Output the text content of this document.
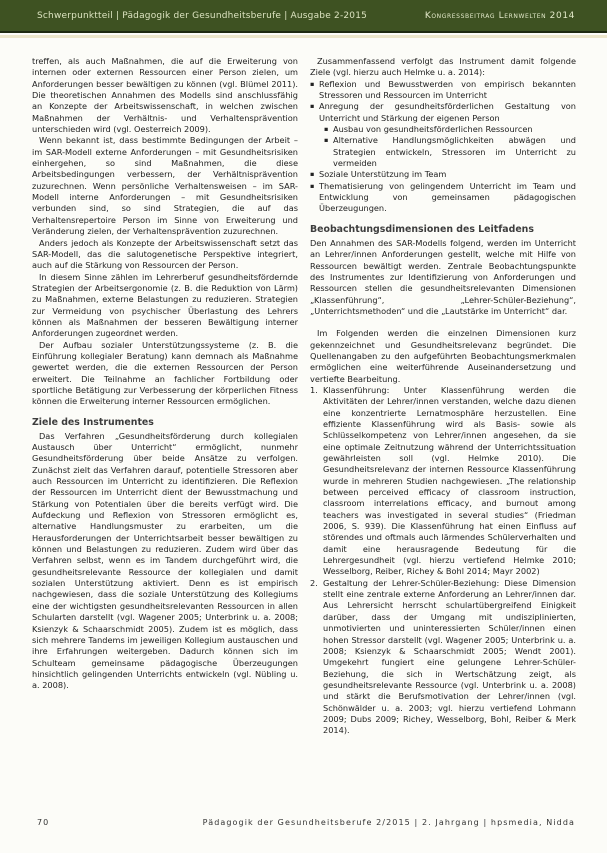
Schwerpunktteil | Pädagogik der Gesundheitsberufe | Ausgabe 2-2015	Kongressbeitrag Lernwelten 2014

treffen, als auch Maßnahmen, die auf die Erweiterung von internen oder externen Ressourcen einer Person zielen, um Anforderungen besser bewältigen zu können (vgl. Blümel 2011). Die theoretischen Annahmen des Modells sind anschlussfähig an Konzepte der Arbeitswissenschaft, in welchen zwischen Maßnahmen der Verhältnis- und Verhaltensprävention unterschieden wird (vgl. Oesterreich 2009).

Wenn bekannt ist, dass bestimmte Bedingungen der Arbeit – im SAR-Modell externe Anforderungen – mit Gesundheitsrisiken einhergehen, so sind Maßnahmen, die diese Arbeitsbedingungen verbessern, der Verhältnisprävention zuzurechnen. Wenn persönliche Verhaltensweisen – im SAR-Modell interne Anforderungen – mit Gesundheitsrisiken verbunden sind, so sind Strategien, die auf das Verhaltensrepertoire Person im Sinne von Erweiterung und Veränderung zielen, der Verhaltensprävention zuzurechnen.

Anders jedoch als Konzepte der Arbeitswissenschaft setzt das SAR-Modell, das die salutogenetische Perspektive integriert, auch auf die Stärkung von Ressourcen der Person.

In diesem Sinne zählen im Lehrerberuf gesundheitsfördernde Strategien der Arbeitsergonomie (z. B. die Reduktion von Lärm) zu Maßnahmen, externe Belastungen zu reduzieren. Strategien zur Vermeidung von psychischer Überlastung des Lehrers können als Maßnahmen der besseren Bewältigung interner Anforderungen zugeordnet werden.

Der Aufbau sozialer Unterstützungssysteme (z. B. die Einführung kollegialer Beratung) kann demnach als Maßnahme gewertet werden, die die externen Ressourcen der Person erweitert. Die Teilnahme an fachlicher Fortbildung oder sportliche Betätigung zur Verbesserung der körperlichen Fitness können die Erweiterung interner Ressourcen ermöglichen.

Ziele des Instrumentes

Das Verfahren „Gesundheitsförderung durch kollegialen Austausch über Unterricht“ ermöglicht, nunmehr Gesundheitsförderung über beide Ansätze zu verfolgen. Zunächst zielt das Verfahren darauf, potentielle Stressoren aber auch Ressourcen im Unterricht zu identifizieren. Die Reflexion der Ressourcen im Unterricht dient der Bewusstmachung und Stärkung von Potentialen über die bereits verfügt wird. Die Aufdeckung und Reflexion von Stressoren ermöglicht es, alternative Handlungsmuster zu erarbeiten, um die Herausforderungen der Unterrichtsarbeit besser bewältigen zu können und Belastungen zu reduzieren. Zudem wird über das Verfahren selbst, wenn es im Tandem durchgeführt wird, die gesundheitsrelevante Ressource der kollegialen und damit sozialen Unterstützung aktiviert. Denn es ist empirisch nachgewiesen, dass die soziale Unterstützung des Kollegiums eine der wichtigsten gesundheitsrelevanten Ressourcen in allen Schularten darstellt (vgl. Wagener 2005; Unterbrink u. a. 2008; Ksienzyk & Schaarschmidt 2005). Zudem ist es möglich, dass sich mehrere Tandems im jeweiligen Kollegium austauschen und ihre Erfahrungen weitergeben. Dadurch können sich im Schulteam gemeinsame pädagogische Überzeugungen hinsichtlich gelingenden Unterrichts entwickeln (vgl. Nübling u. a. 2008).

Zusammenfassend verfolgt das Instrument damit folgende Ziele (vgl. hierzu auch Helmke u. a. 2014):

▪ Reflexion und Bewusstwerden von empirisch bekannten Stressoren und Ressourcen im Unterricht
▪ Anregung der gesundheitsförderlichen Gestaltung von Unterricht und Stärkung der eigenen Person
▪ Ausbau von gesundheitsförderlichen Ressourcen
▪ Alternative Handlungsmöglichkeiten abwägen und Strategien entwickeln, Stressoren im Unterricht zu vermeiden
▪ Soziale Unterstützung im Team
▪ Thematisierung von gelingendem Unterricht im Team und Entwicklung von gemeinsamen pädagogischen Überzeugungen.
Beobachtungsdimensionen des Leitfadens

Den Annahmen des SAR-Modells folgend, werden im Unterricht an Lehrer/innen Anforderungen gestellt, welche mit Hilfe von Ressourcen bewältigt werden. Zentrale Beobachtungspunkte des Instrumentes zur Identifizierung von Anforderungen und Ressourcen stellen die gesundheitsrelevanten Dimensionen „Klassenführung“, „Lehrer-Schüler-Beziehung“, „Unterrichtsmethoden“ und die „Lautstärke im Unterricht“ dar.

Im Folgenden werden die einzelnen Dimensionen kurz gekennzeichnet und Gesundheitsrelevanz begründet. Die Quellenangaben zu den aufgeführten Beobachtungsmerkmalen ermöglichen eine weiterführende Auseinandersetzung und vertiefte Bearbeitung.

1. Klassenführung: Unter Klassenführung werden die Aktivitäten der Lehrer/innen verstanden, welche dazu dienen eine konzentrierte Lernatmosphäre herzustellen. Eine effiziente Klassenführung wird als Basis- sowie als Schlüsselkompetenz von Lehrer/innen angesehen, da sie eine optimale Zeitnutzung während der Unterrichtssituation gewährleisten soll (vgl. Helmke 2010). Die Gesundheitsrelevanz der internen Ressource Klassenführung wurde in mehreren Studien nachgewiesen. „The relationship between perceived efficacy of classroom instruction, classroom interrelations efficacy, and burnout among teachers was investigated in several studies“ (Friedman 2006, S. 939). Die Klassenführung hat einen Einfluss auf störendes und oftmals auch lärmendes Schülerverhalten und damit eine herausragende Bedeutung für die Lehrergesundheit (vgl. hierzu vertiefend Helmke 2010; Wesselborg, Reiber, Richey & Bohl 2014; Mayr 2002)
2. Gestaltung der Lehrer-Schüler-Beziehung: Diese Dimension stellt eine zentrale externe Anforderung an Lehrer/innen dar. Aus Lehrersicht herrscht schulartübergreifend Einigkeit darüber, dass der Umgang mit undisziplinierten, unmotivierten und uninteressierten Schüler/innen einen hohen Stressor darstellt (vgl. Wagener 2005; Unterbrink u. a. 2008; Ksienzyk & Schaarschmidt 2005; Wendt 2001). Umgekehrt fungiert eine gelungene Lehrer-Schüler-Beziehung, die sich in Wertschätzung zeigt, als gesundheitsrelevante Ressource (vgl. Unterbrink u. a. 2008) und stärkt die Berufsmotivation der Lehrer/innen (vgl. Schönwälder u. a. 2003; vgl. hierzu vertiefend Lohmann 2009; Dubs 2009; Richey, Wesselborg, Bohl, Reiber & Merk 2014).
70	Pädagogik der Gesundheitsberufe 2/2015 | 2. Jahrgang | hpsmedia, Nidda
